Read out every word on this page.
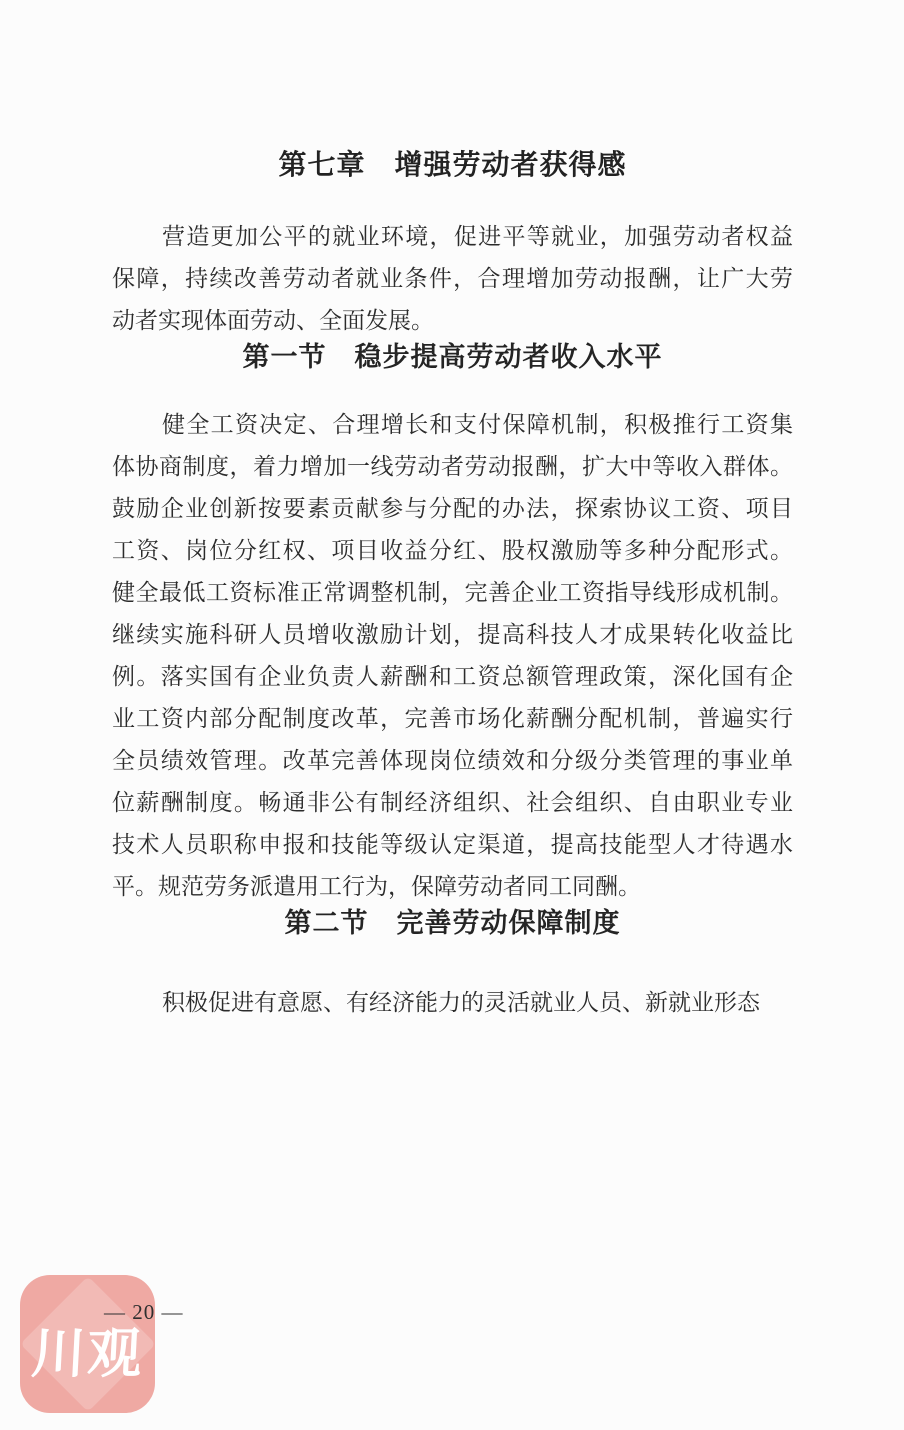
第七章　增强劳动者获得感
营造更加公平的就业环境，促进平等就业，加强劳动者权益
保障，持续改善劳动者就业条件，合理增加劳动报酬，让广大劳
动者实现体面劳动、全面发展。
第一节　稳步提高劳动者收入水平
健全工资决定、合理增长和支付保障机制，积极推行工资集
体协商制度，着力增加一线劳动者劳动报酬，扩大中等收入群体。
鼓励企业创新按要素贡献参与分配的办法，探索协议工资、项目
工资、岗位分红权、项目收益分红、股权激励等多种分配形式。
健全最低工资标准正常调整机制，完善企业工资指导线形成机制。
继续实施科研人员增收激励计划，提高科技人才成果转化收益比
例。落实国有企业负责人薪酬和工资总额管理政策，深化国有企
业工资内部分配制度改革，完善市场化薪酬分配机制，普遍实行
全员绩效管理。改革完善体现岗位绩效和分级分类管理的事业单
位薪酬制度。畅通非公有制经济组织、社会组织、自由职业专业
技术人员职称申报和技能等级认定渠道，提高技能型人才待遇水
平。规范劳务派遣用工行为，保障劳动者同工同酬。
第二节　完善劳动保障制度
积极促进有意愿、有经济能力的灵活就业人员、新就业形态
川观
— 20 —
